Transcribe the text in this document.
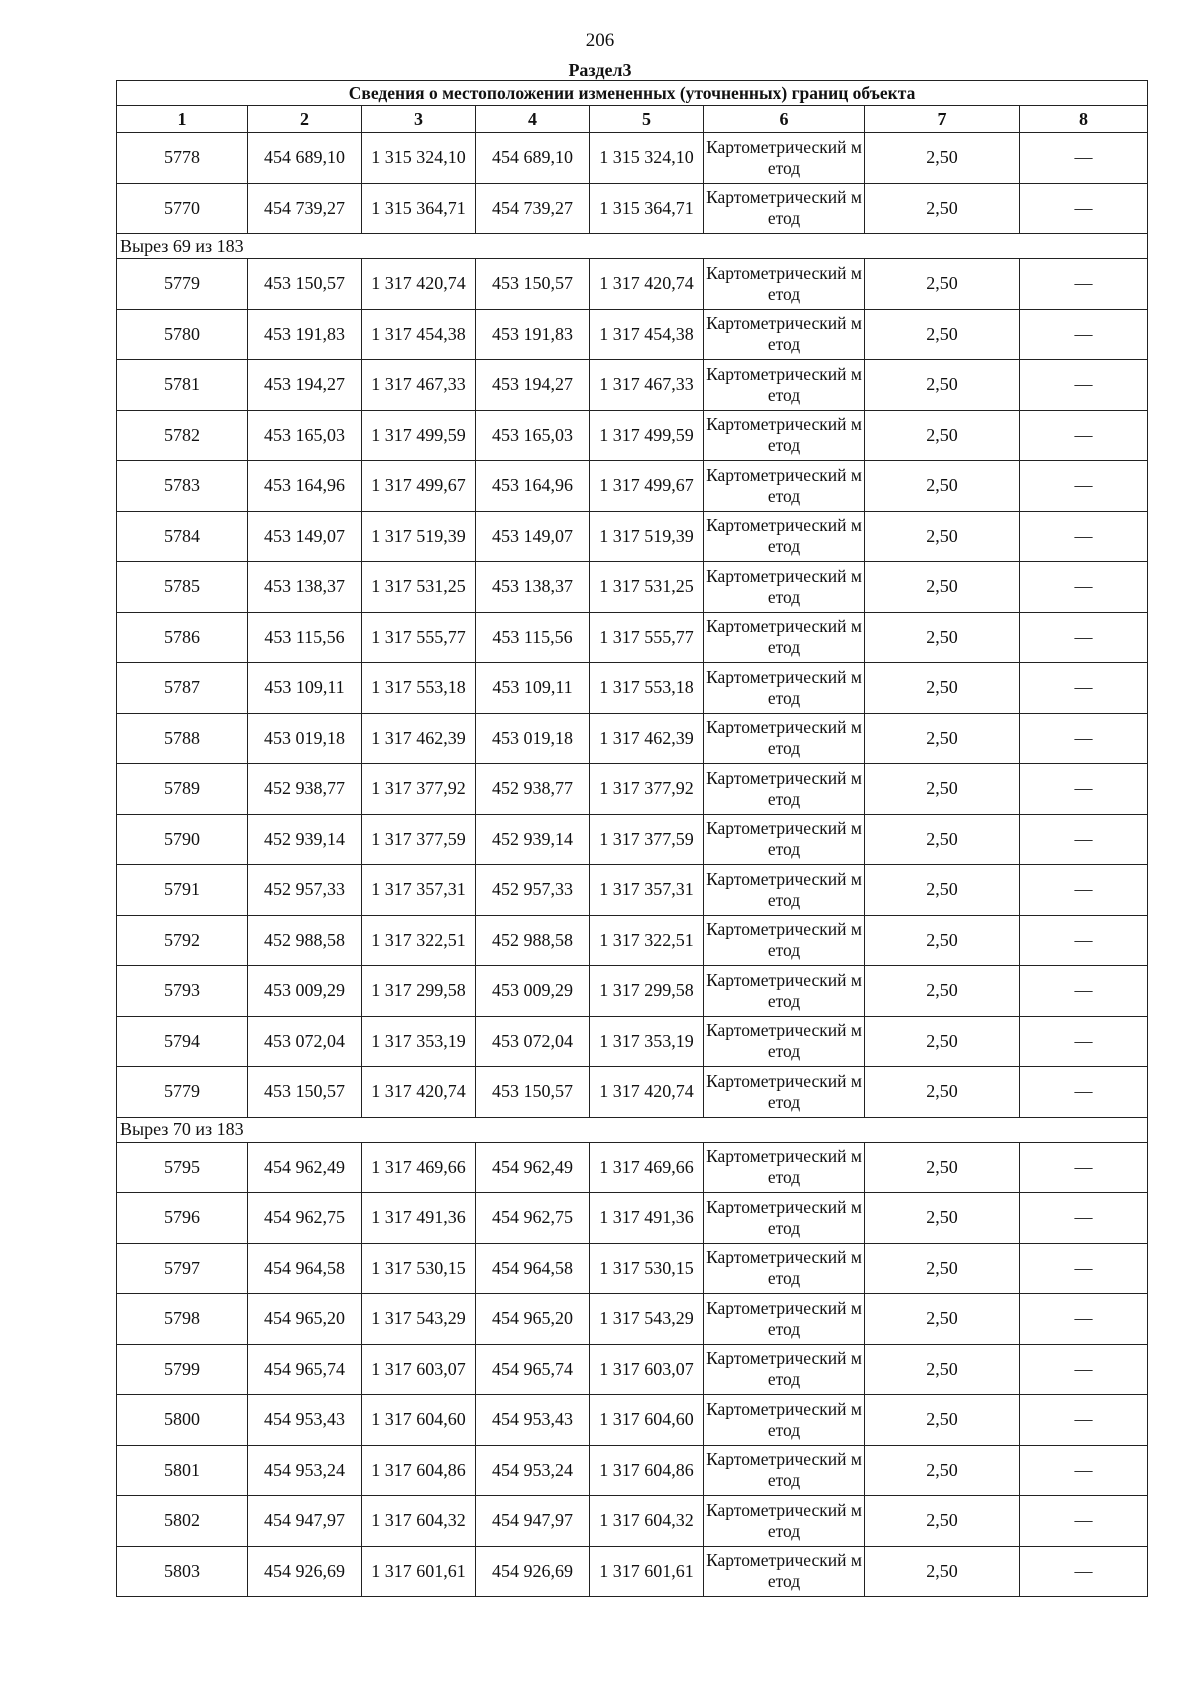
206
Раздел3
Сведения о местоположении измененных (уточненных) границ объекта							
1	2	3	4	5	6	7	8
5778	454 689,10	1 315 324,10	454 689,10	1 315 324,10	Картометрический метод	2,50	—
5770	454 739,27	1 315 364,71	454 739,27	1 315 364,71	Картометрический метод	2,50	—
Вырез 69 из 183							
5779	453 150,57	1 317 420,74	453 150,57	1 317 420,74	Картометрический метод	2,50	—
5780	453 191,83	1 317 454,38	453 191,83	1 317 454,38	Картометрический метод	2,50	—
5781	453 194,27	1 317 467,33	453 194,27	1 317 467,33	Картометрический метод	2,50	—
5782	453 165,03	1 317 499,59	453 165,03	1 317 499,59	Картометрический метод	2,50	—
5783	453 164,96	1 317 499,67	453 164,96	1 317 499,67	Картометрический метод	2,50	—
5784	453 149,07	1 317 519,39	453 149,07	1 317 519,39	Картометрический метод	2,50	—
5785	453 138,37	1 317 531,25	453 138,37	1 317 531,25	Картометрический метод	2,50	—
5786	453 115,56	1 317 555,77	453 115,56	1 317 555,77	Картометрический метод	2,50	—
5787	453 109,11	1 317 553,18	453 109,11	1 317 553,18	Картометрический метод	2,50	—
5788	453 019,18	1 317 462,39	453 019,18	1 317 462,39	Картометрический метод	2,50	—
5789	452 938,77	1 317 377,92	452 938,77	1 317 377,92	Картометрический метод	2,50	—
5790	452 939,14	1 317 377,59	452 939,14	1 317 377,59	Картометрический метод	2,50	—
5791	452 957,33	1 317 357,31	452 957,33	1 317 357,31	Картометрический метод	2,50	—
5792	452 988,58	1 317 322,51	452 988,58	1 317 322,51	Картометрический метод	2,50	—
5793	453 009,29	1 317 299,58	453 009,29	1 317 299,58	Картометрический метод	2,50	—
5794	453 072,04	1 317 353,19	453 072,04	1 317 353,19	Картометрический метод	2,50	—
5779	453 150,57	1 317 420,74	453 150,57	1 317 420,74	Картометрический метод	2,50	—
Вырез 70 из 183							
5795	454 962,49	1 317 469,66	454 962,49	1 317 469,66	Картометрический метод	2,50	—
5796	454 962,75	1 317 491,36	454 962,75	1 317 491,36	Картометрический метод	2,50	—
5797	454 964,58	1 317 530,15	454 964,58	1 317 530,15	Картометрический метод	2,50	—
5798	454 965,20	1 317 543,29	454 965,20	1 317 543,29	Картометрический метод	2,50	—
5799	454 965,74	1 317 603,07	454 965,74	1 317 603,07	Картометрический метод	2,50	—
5800	454 953,43	1 317 604,60	454 953,43	1 317 604,60	Картометрический метод	2,50	—
5801	454 953,24	1 317 604,86	454 953,24	1 317 604,86	Картометрический метод	2,50	—
5802	454 947,97	1 317 604,32	454 947,97	1 317 604,32	Картометрический метод	2,50	—
5803	454 926,69	1 317 601,61	454 926,69	1 317 601,61	Картометрический метод	2,50	—
